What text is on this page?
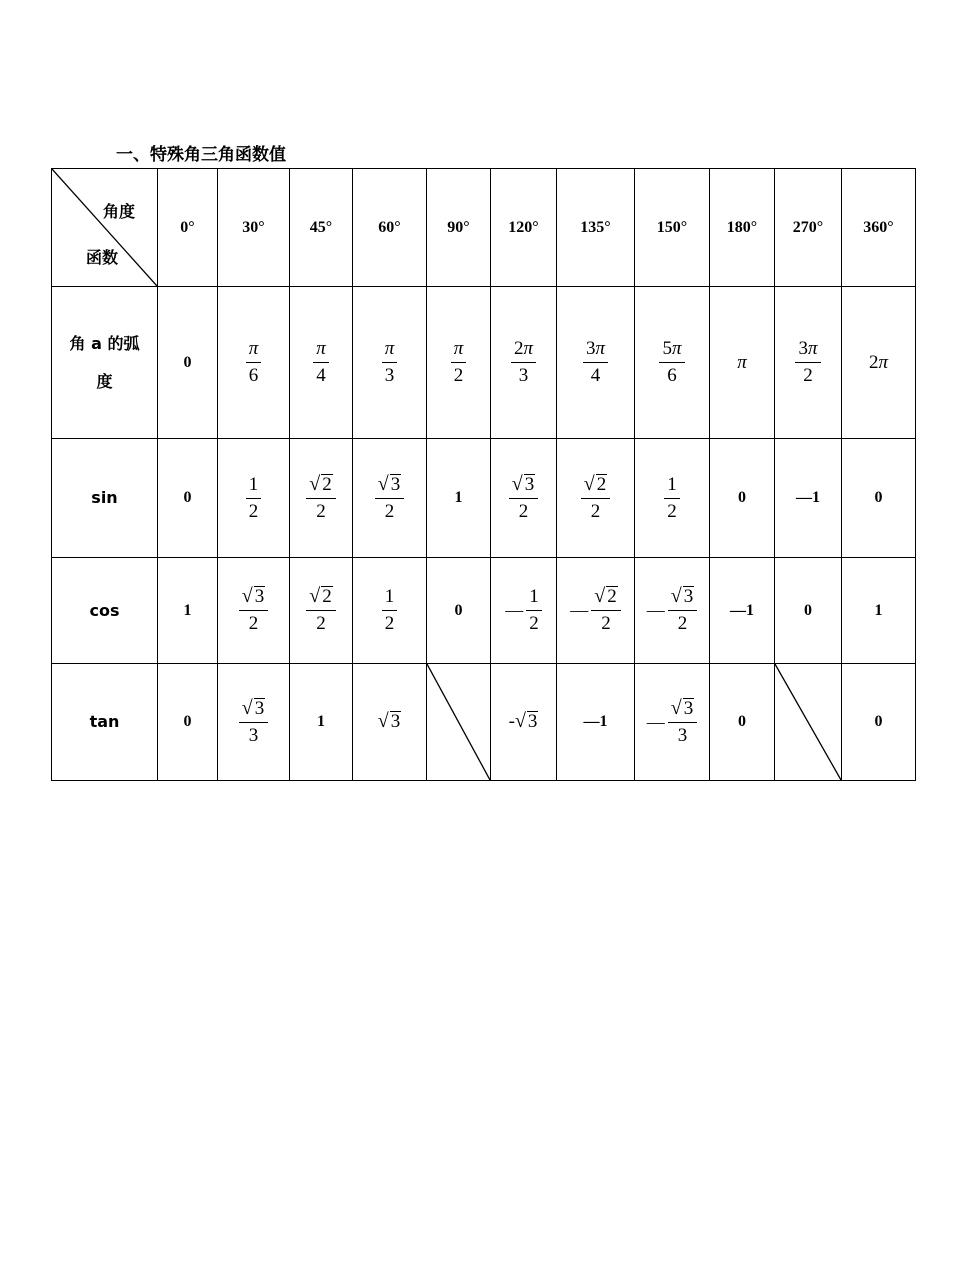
一、特殊角三角函数值
角度
函数	0°	30°	45°	60°	90°	120°	135°	150°	180°	270°	360°
角 a 的弧度	0	$\frac{\pi}{6}$	$\frac{\pi}{4}$	$\frac{\pi}{3}$	$\frac{\pi}{2}$	$\frac{2\pi}{3}$	$\frac{3\pi}{4}$	$\frac{5\pi}{6}$	π	$\frac{3\pi}{2}$	2π
sin	0	$\frac{1}{2}$	$\frac{√ 2}{2}$	$\frac{√ 3}{2}$	1	$\frac{√ 3}{2}$	$\frac{√ 2}{2}$	$\frac{1}{2}$	0	—1	0
cos	1	$\frac{√ 3}{2}$	$\frac{√ 2}{2}$	$\frac{1}{2}$	0	— $\frac{1}{2}$	— $\frac{√ 2}{2}$	— $\frac{√ 3}{2}$	—1	0	1
tan	0	$\frac{√ 3}{3}$	1	√ 3		- √ 3	—1	— $\frac{√ 3}{3}$	0		0
